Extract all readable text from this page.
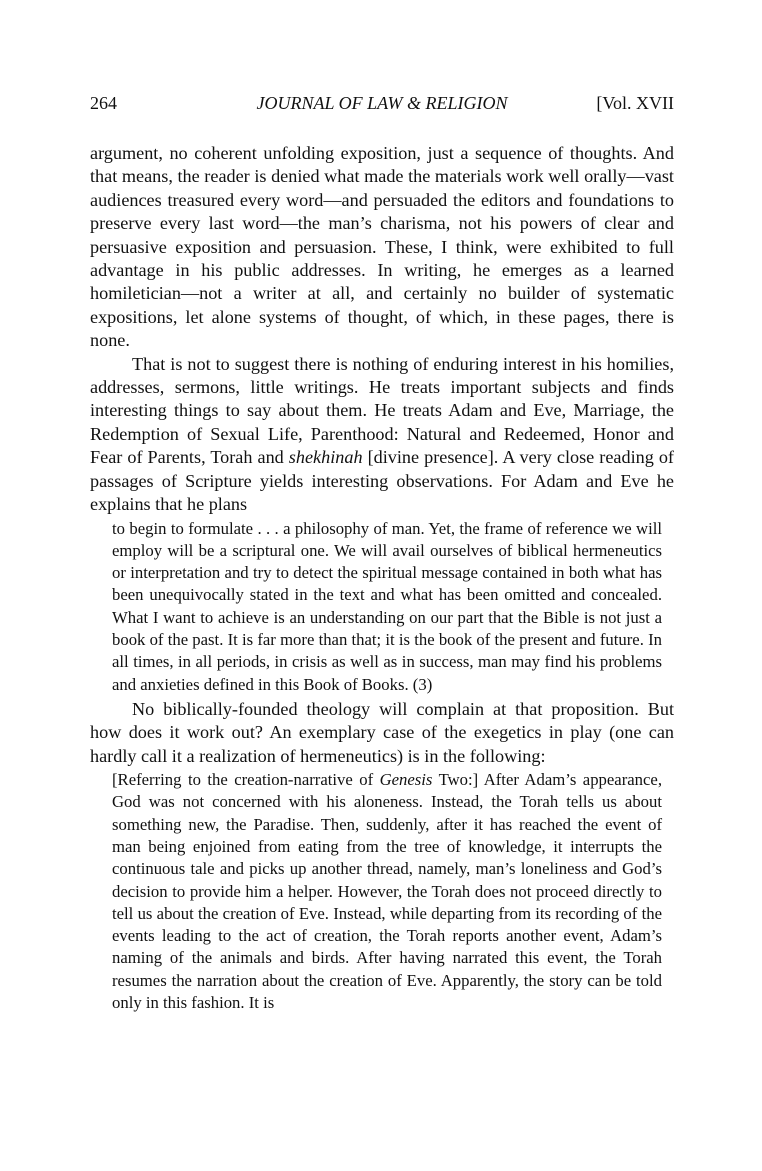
264	JOURNAL OF LAW & RELIGION	[Vol. XVII

argument, no coherent unfolding exposition, just a sequence of thoughts. And that means, the reader is denied what made the materials work well orally—vast audiences treasured every word—and persuaded the editors and foundations to preserve every last word—the man’s charisma, not his powers of clear and persuasive exposition and persuasion. These, I think, were exhibited to full advantage in his public addresses. In writing, he emerges as a learned homiletician—not a writer at all, and certainly no builder of systematic expositions, let alone systems of thought, of which, in these pages, there is none.

That is not to suggest there is nothing of enduring interest in his homilies, addresses, sermons, little writings. He treats important subjects and finds interesting things to say about them. He treats Adam and Eve, Marriage, the Redemption of Sexual Life, Parenthood: Natural and Redeemed, Honor and Fear of Parents, Torah and shekhinah [divine presence]. A very close reading of passages of Scripture yields interesting observations. For Adam and Eve he explains that he plans

to begin to formulate . . . a philosophy of man. Yet, the frame of reference we will employ will be a scriptural one. We will avail ourselves of biblical hermeneutics or interpretation and try to detect the spiritual message contained in both what has been unequivocally stated in the text and what has been omitted and concealed. What I want to achieve is an understanding on our part that the Bible is not just a book of the past. It is far more than that; it is the book of the present and future. In all times, in all periods, in crisis as well as in success, man may find his problems and anxieties defined in this Book of Books. (3)

No biblically-founded theology will complain at that proposition. But how does it work out? An exemplary case of the exegetics in play (one can hardly call it a realization of hermeneutics) is in the following:

[Referring to the creation-narrative of Genesis Two:] After Adam’s appearance, God was not concerned with his aloneness. Instead, the Torah tells us about something new, the Paradise. Then, suddenly, after it has reached the event of man being enjoined from eating from the tree of knowledge, it interrupts the continuous tale and picks up another thread, namely, man’s loneliness and God’s decision to provide him a helper. However, the Torah does not proceed directly to tell us about the creation of Eve. Instead, while departing from its recording of the events leading to the act of creation, the Torah reports another event, Adam’s naming of the animals and birds. After having narrated this event, the Torah resumes the narration about the creation of Eve. Apparently, the story can be told only in this fashion. It is
